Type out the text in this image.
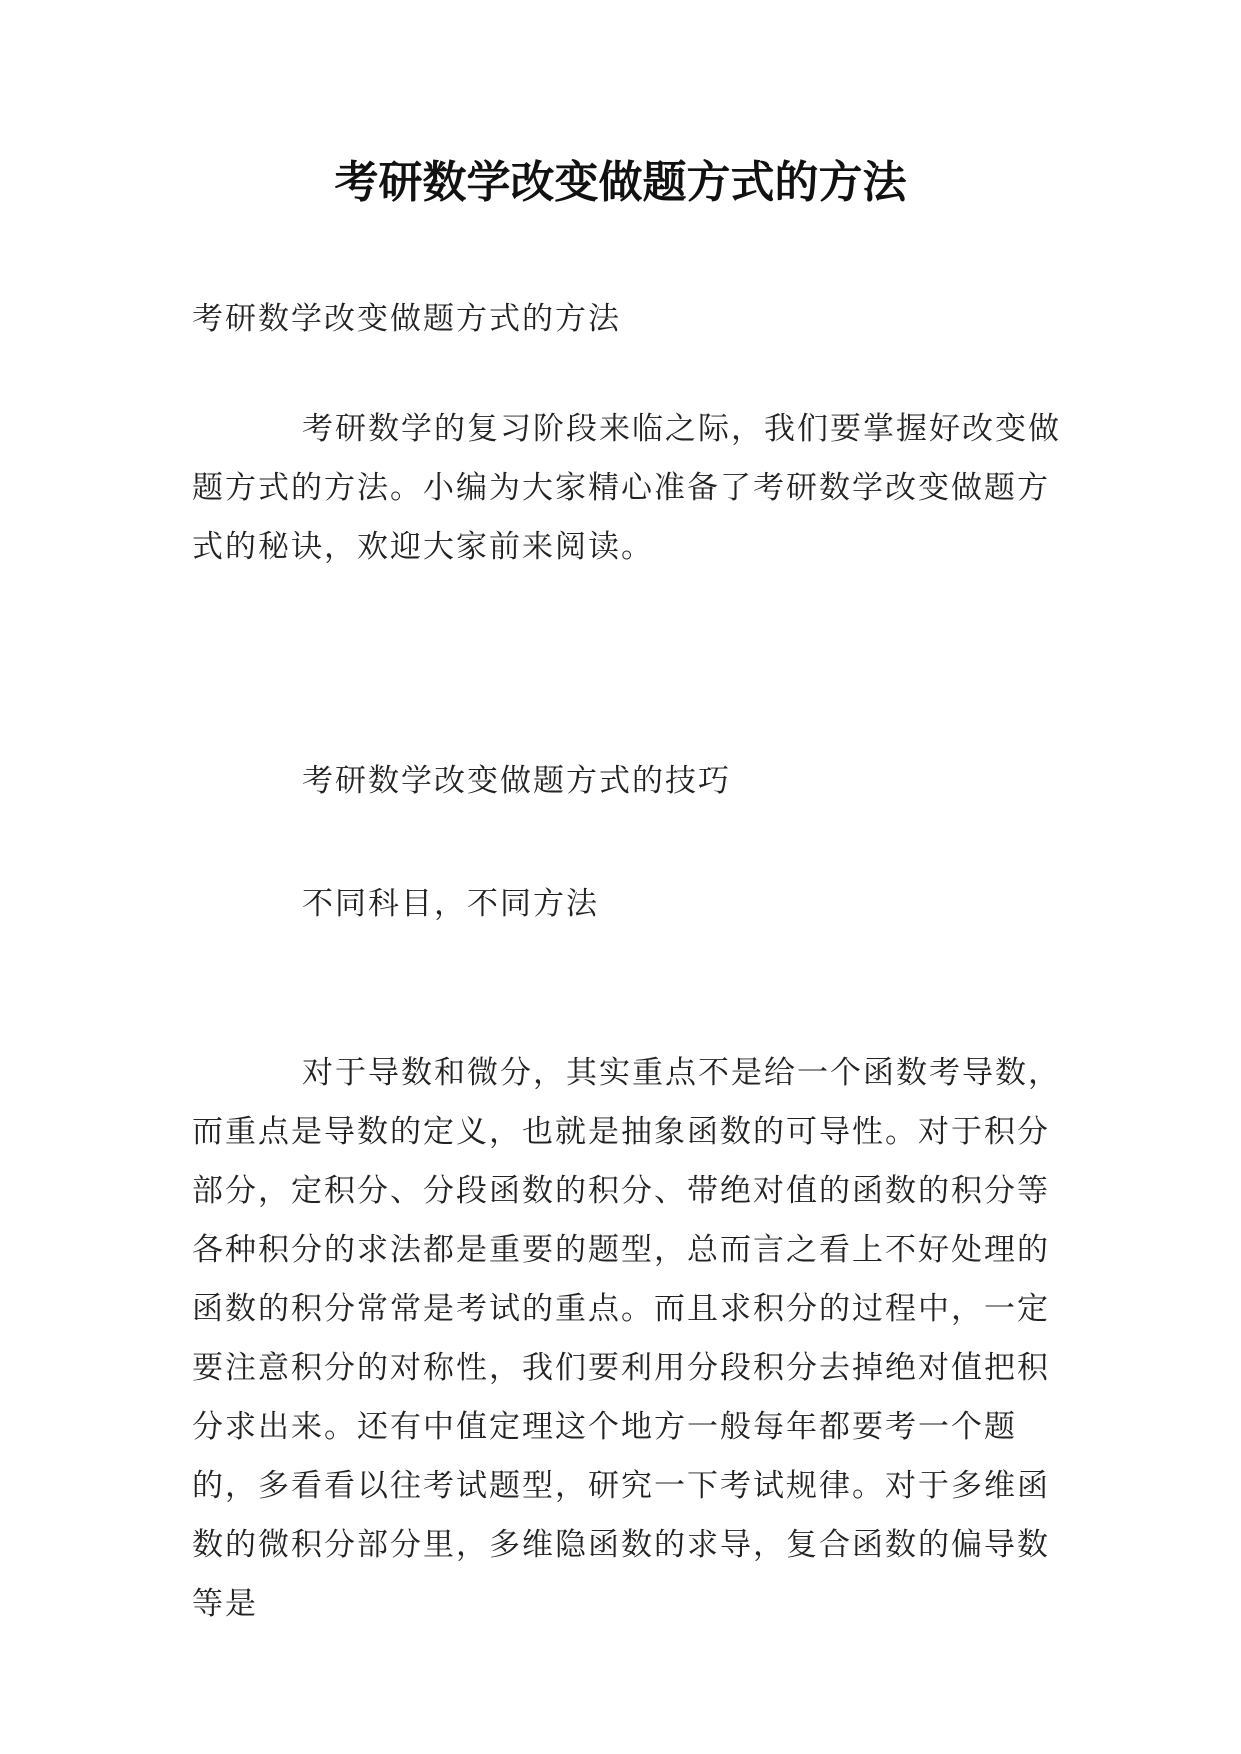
考研数学改变做题方式的方法

考研数学改变做题方式的方法

考研数学的复习阶段来临之际，我们要掌握好改变做题方式的方法。小编为大家精心准备了考研数学改变做题方式的秘诀，欢迎大家前来阅读。

考研数学改变做题方式的技巧

不同科目，不同方法

对于导数和微分，其实重点不是给一个函数考导数，而重点是导数的定义，也就是抽象函数的可导性。对于积分部分，定积分、分段函数的积分、带绝对值的函数的积分等各种积分的求法都是重要的题型，总而言之看上不好处理的函数的积分常常是考试的重点。而且求积分的过程中，一定要注意积分的对称性，我们要利用分段积分去掉绝对值把积分求出来。还有中值定理这个地方一般每年都要考一个题的，多看看以往考试题型，研究一下考试规律。对于多维函数的微积分部分里，多维隐函数的求导，复合函数的偏导数等是
